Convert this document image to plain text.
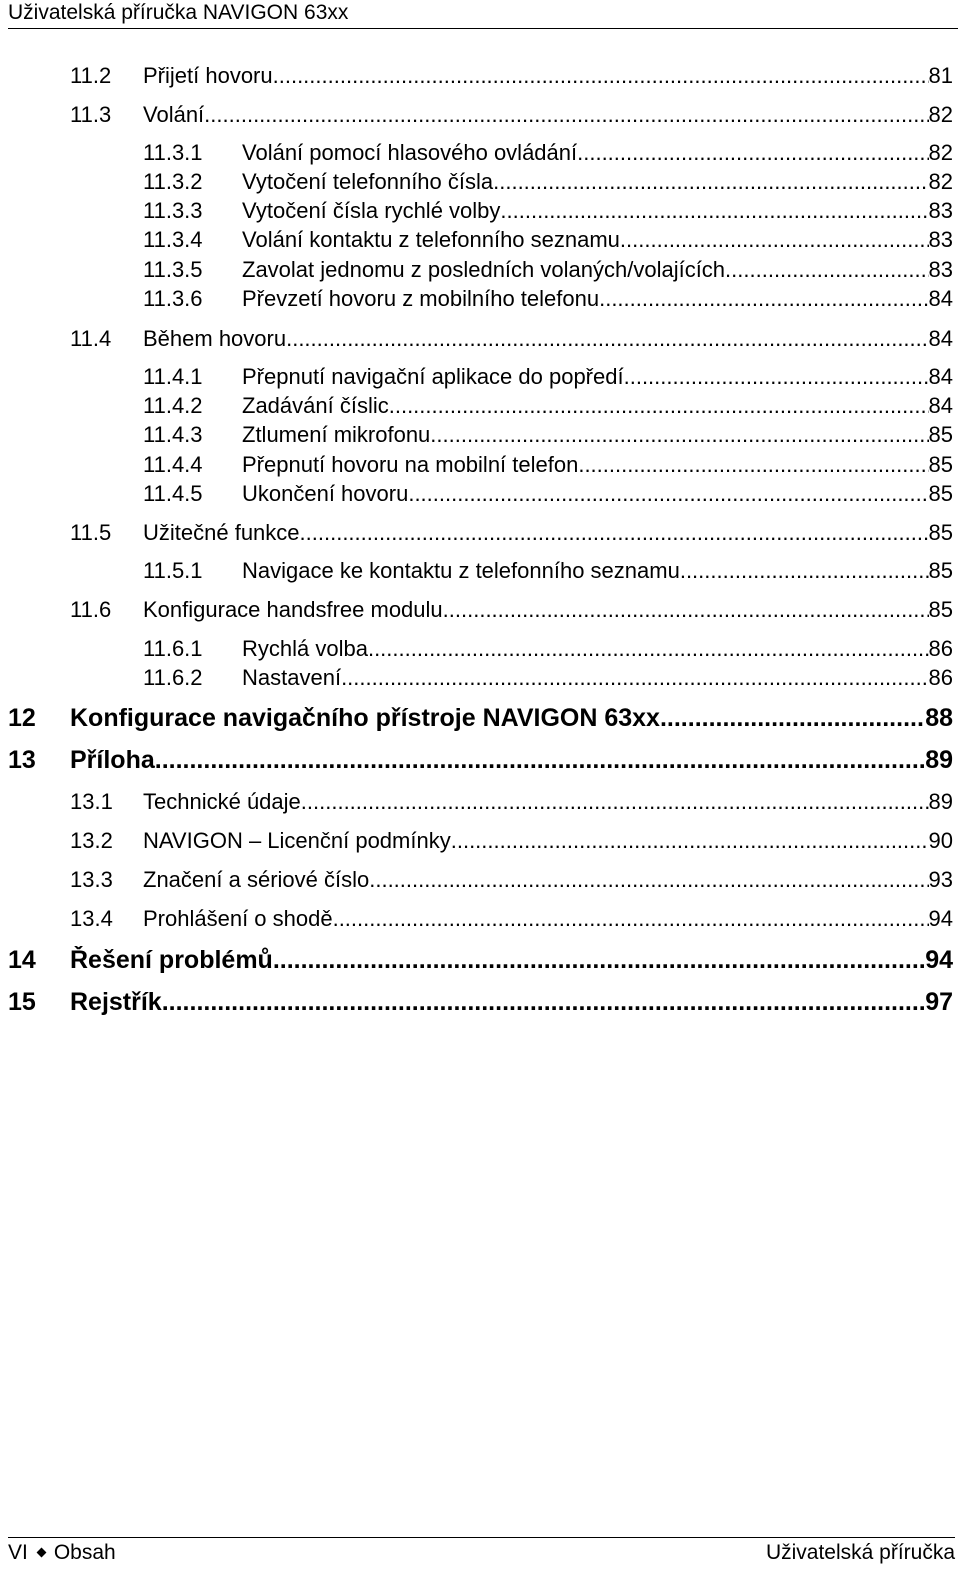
Uživatelská příručka NAVIGON 63xx
11.2	Přijetí hovoru .....	81
11.3	Volání .....	82
11.3.1	Volání pomocí hlasového ovládání .....	82
11.3.2	Vytočení telefonního čísla .....	82
11.3.3	Vytočení čísla rychlé volby .....	83
11.3.4	Volání kontaktu z telefonního seznamu .....	83
11.3.5	Zavolat jednomu z posledních volaných/volajících .....	83
11.3.6	Převzetí hovoru z mobilního telefonu .....	84
11.4	Během hovoru .....	84
11.4.1	Přepnutí navigační aplikace do popředí .....	84
11.4.2	Zadávání číslic .....	84
11.4.3	Ztlumení mikrofonu .....	85
11.4.4	Přepnutí hovoru na mobilní telefon .....	85
11.4.5	Ukončení hovoru .....	85
11.5	Užitečné funkce .....	85
11.5.1	Navigace ke kontaktu z telefonního seznamu .....	85
11.6	Konfigurace handsfree modulu .....	85
11.6.1	Rychlá volba .....	86
11.6.2	Nastavení .....	86
12	Konfigurace navigačního přístroje NAVIGON 63xx .....	88
13	Příloha .....	89
13.1	Technické údaje .....	89
13.2	NAVIGON – Licenční podmínky .....	90
13.3	Značení a sériové číslo .....	93
13.4	Prohlášení o shodě .....	94
14	Řešení problémů .....	94
15	Rejstřík .....	97
VI Obsah	Uživatelská příručka
